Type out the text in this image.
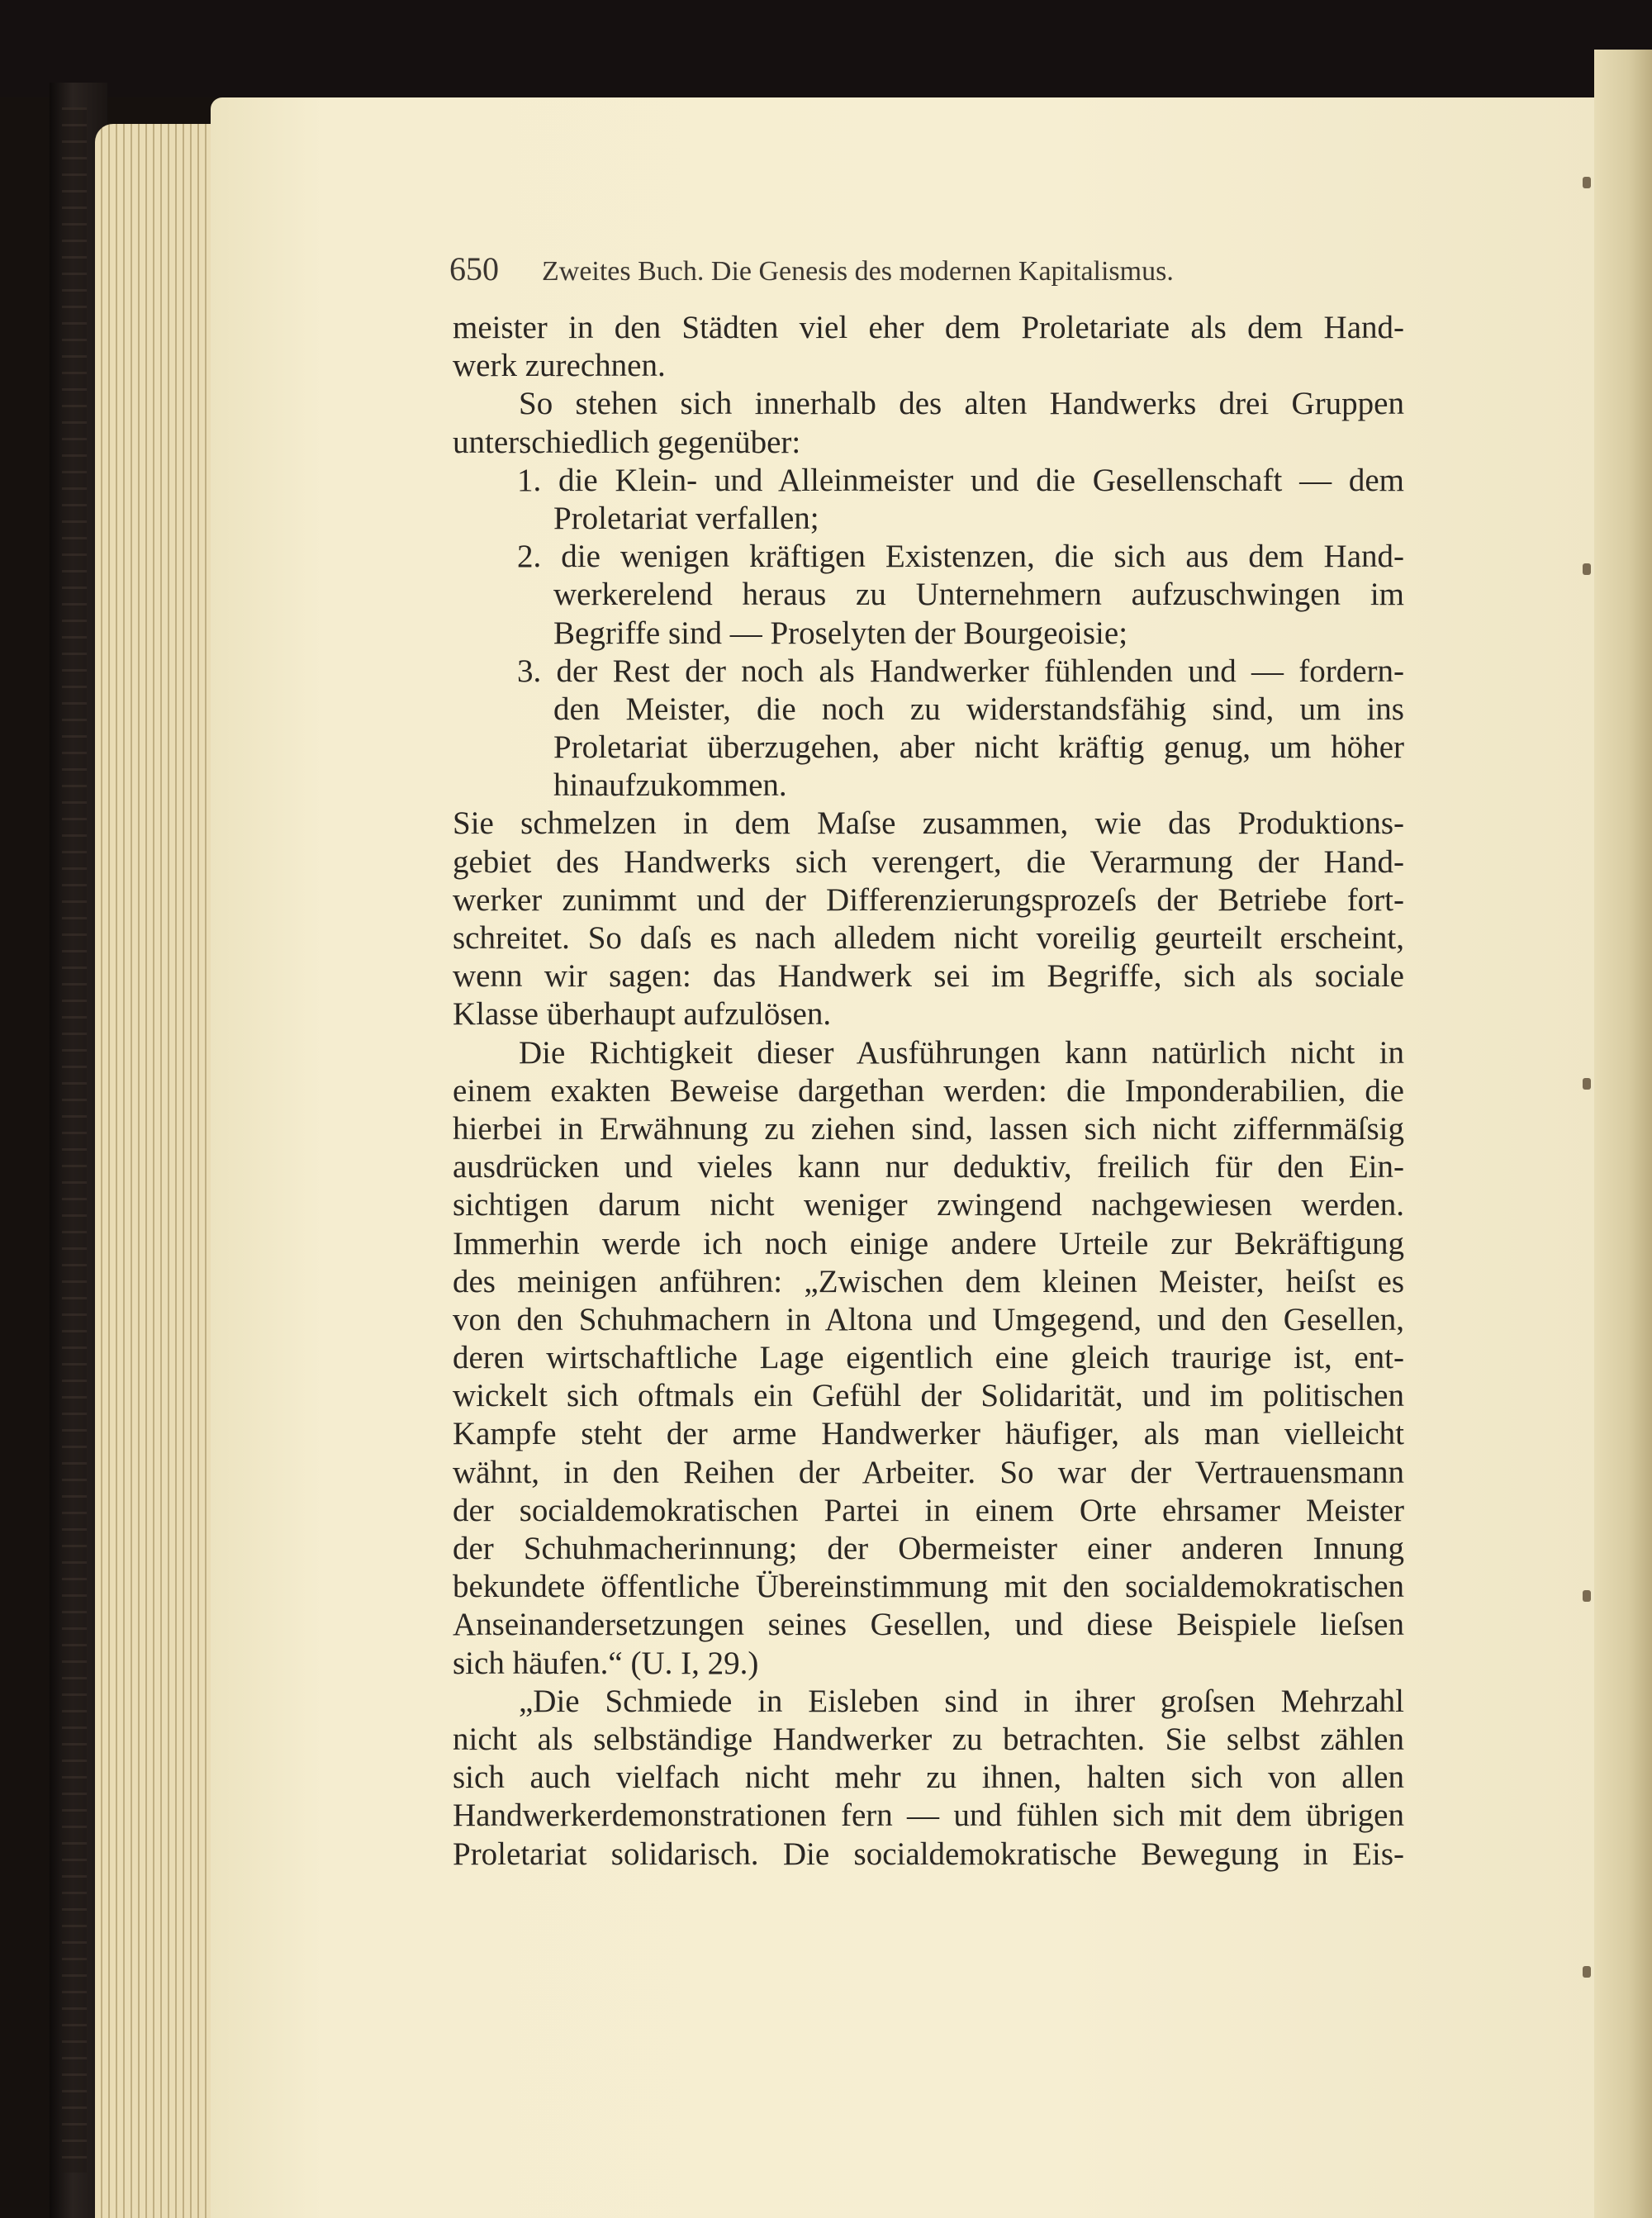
650 Zweites Buch. Die Genesis des modernen Kapitalismus.
meister in den Städten viel eher dem Proletariate als dem Hand-
werk zurechnen.
So stehen sich innerhalb des alten Handwerks drei Gruppen
unterschiedlich gegenüber:
1. die Klein- und Alleinmeister und die Gesellenschaft — dem
Proletariat verfallen;
2. die wenigen kräftigen Existenzen, die sich aus dem Hand-
werkerelend heraus zu Unternehmern aufzuschwingen im
Begriffe sind — Proselyten der Bourgeoisie;
3. der Rest der noch als Handwerker fühlenden und — fordern-
den Meister, die noch zu widerstandsfähig sind, um ins
Proletariat überzugehen, aber nicht kräftig genug, um höher
hinaufzukommen.
Sie schmelzen in dem Maſse zusammen, wie das Produktions-
gebiet des Handwerks sich verengert, die Verarmung der Hand-
werker zunimmt und der Differenzierungsprozeſs der Betriebe fort-
schreitet. So daſs es nach alledem nicht voreilig geurteilt erscheint,
wenn wir sagen: das Handwerk sei im Begriffe, sich als sociale
Klasse überhaupt aufzulösen.
Die Richtigkeit dieser Ausführungen kann natürlich nicht in
einem exakten Beweise dargethan werden: die Imponderabilien, die
hierbei in Erwähnung zu ziehen sind, lassen sich nicht ziffernmäſsig
ausdrücken und vieles kann nur deduktiv, freilich für den Ein-
sichtigen darum nicht weniger zwingend nachgewiesen werden.
Immerhin werde ich noch einige andere Urteile zur Bekräftigung
des meinigen anführen: „Zwischen dem kleinen Meister, heiſst es
von den Schuhmachern in Altona und Umgegend, und den Gesellen,
deren wirtschaftliche Lage eigentlich eine gleich traurige ist, ent-
wickelt sich oftmals ein Gefühl der Solidarität, und im politischen
Kampfe steht der arme Handwerker häufiger, als man vielleicht
wähnt, in den Reihen der Arbeiter. So war der Vertrauensmann
der socialdemokratischen Partei in einem Orte ehrsamer Meister
der Schuhmacherinnung; der Obermeister einer anderen Innung
bekundete öffentliche Übereinstimmung mit den socialdemokratischen
Anseinandersetzungen seines Gesellen, und diese Beispiele lieſsen
sich häufen.“ (U. I, 29.)
„Die Schmiede in Eisleben sind in ihrer groſsen Mehrzahl
nicht als selbständige Handwerker zu betrachten. Sie selbst zählen
sich auch vielfach nicht mehr zu ihnen, halten sich von allen
Handwerkerdemonstrationen fern — und fühlen sich mit dem übrigen
Proletariat solidarisch. Die socialdemokratische Bewegung in Eis-
